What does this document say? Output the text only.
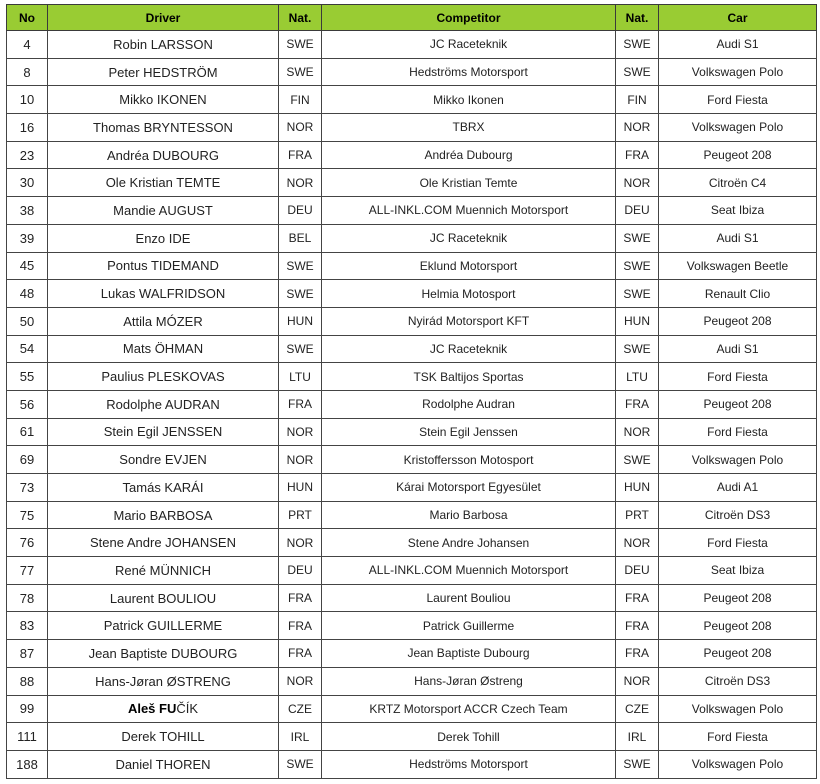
No	Driver	Nat.	Competitor	Nat.	Car
4	Robin LARSSON	SWE	JC Raceteknik	SWE	Audi S1
8	Peter HEDSTRÖM	SWE	Hedströms Motorsport	SWE	Volkswagen Polo
10	Mikko IKONEN	FIN	Mikko Ikonen	FIN	Ford Fiesta
16	Thomas BRYNTESSON	NOR	TBRX	NOR	Volkswagen Polo
23	Andréa DUBOURG	FRA	Andréa Dubourg	FRA	Peugeot 208
30	Ole Kristian TEMTE	NOR	Ole Kristian Temte	NOR	Citroën C4
38	Mandie AUGUST	DEU	ALL-INKL.COM Muennich Motorsport	DEU	Seat Ibiza
39	Enzo IDE	BEL	JC Raceteknik	SWE	Audi S1
45	Pontus TIDEMAND	SWE	Eklund Motorsport	SWE	Volkswagen Beetle
48	Lukas WALFRIDSON	SWE	Helmia Motosport	SWE	Renault Clio
50	Attila MÓZER	HUN	Nyirád Motorsport KFT	HUN	Peugeot 208
54	Mats ÖHMAN	SWE	JC Raceteknik	SWE	Audi S1
55	Paulius PLESKOVAS	LTU	TSK Baltijos Sportas	LTU	Ford Fiesta
56	Rodolphe AUDRAN	FRA	Rodolphe Audran	FRA	Peugeot 208
61	Stein Egil JENSSEN	NOR	Stein Egil Jenssen	NOR	Ford Fiesta
69	Sondre EVJEN	NOR	Kristoffersson Motosport	SWE	Volkswagen Polo
73	Tamás KARÁI	HUN	Kárai Motorsport Egyesület	HUN	Audi A1
75	Mario BARBOSA	PRT	Mario Barbosa	PRT	Citroën DS3
76	Stene Andre JOHANSEN	NOR	Stene Andre Johansen	NOR	Ford Fiesta
77	René MÜNNICH	DEU	ALL-INKL.COM Muennich Motorsport	DEU	Seat Ibiza
78	Laurent BOULIOU	FRA	Laurent Bouliou	FRA	Peugeot 208
83	Patrick GUILLERME	FRA	Patrick Guillerme	FRA	Peugeot 208
87	Jean Baptiste DUBOURG	FRA	Jean Baptiste Dubourg	FRA	Peugeot 208
88	Hans-Jøran ØSTRENG	NOR	Hans-Jøran Østreng	NOR	Citroën DS3
99	Aleš FUČÍK	CZE	KRTZ Motorsport ACCR Czech Team	CZE	Volkswagen Polo
111	Derek TOHILL	IRL	Derek Tohill	IRL	Ford Fiesta
188	Daniel THOREN	SWE	Hedströms Motorsport	SWE	Volkswagen Polo
